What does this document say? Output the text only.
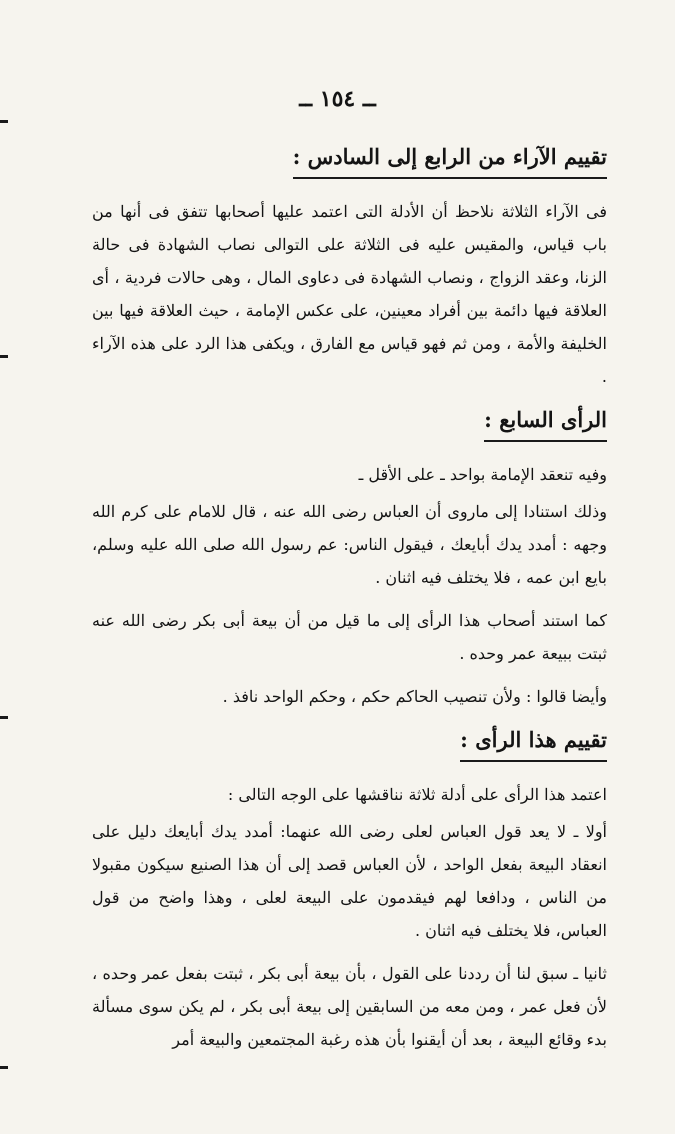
ــ ١٥٤ ــ
تقييم الآراء من الرابع إلى السادس :

فى الآراء الثلاثة نلاحظ أن الأدلة التى اعتمد عليها أصحابها تتفق فى أنها من باب قياس، والمقيس عليه فى الثلاثة على التوالى نصاب الشهادة فى حالة الزنا، وعقد الزواج ، ونصاب الشهادة فى دعاوى المال ، وهى حالات فردية ، أى العلاقة فيها دائمة بين أفراد معينين، على عكس الإمامة ، حيث العلاقة فيها بين الخليفة والأمة ، ومن ثم فهو قياس مع الفارق ، ويكفى هذا الرد على هذه الآراء .

الرأى السابع :

وفيه تنعقد الإمامة بواحد ـ على الأقل ـ

وذلك استنادا إلى ماروى أن العباس رضى الله عنه ، قال للامام على كرم الله وجهه : أمدد يدك أبايعك ، فيقول الناس: عم رسول الله صلى الله عليه وسلم، بايع ابن عمه ، فلا يختلف فيه اثنان .

كما استند أصحاب هذا الرأى إلى ما قيل من أن بيعة أبى بكر رضى الله عنه ثبتت ببيعة عمر وحده .

وأيضا قالوا : ولأن تنصيب الحاكم حكم ، وحكم الواحد نافذ .

تقييم هذا الرأى :

اعتمد هذا الرأى على أدلة ثلاثة نناقشها على الوجه التالى :

أولا ـ لا يعد قول العباس لعلى رضى الله عنهما: أمدد يدك أبايعك دليل على انعقاد البيعة بفعل الواحد ، لأن العباس قصد إلى أن هذا الصنيع سيكون مقبولا من الناس ، ودافعا لهم فيقدمون على البيعة لعلى ، وهذا واضح من قول العباس، فلا يختلف فيه اثنان .

ثانيا ـ سبق لنا أن رددنا على القول ، بأن بيعة أبى بكر ، ثبتت بفعل عمر وحده ، لأن فعل عمر ، ومن معه من السابقين إلى بيعة أبى بكر ، لم يكن سوى مسألة بدء وقائع البيعة ، بعد أن أيقنوا بأن هذه رغبة المجتمعين والبيعة أمر
